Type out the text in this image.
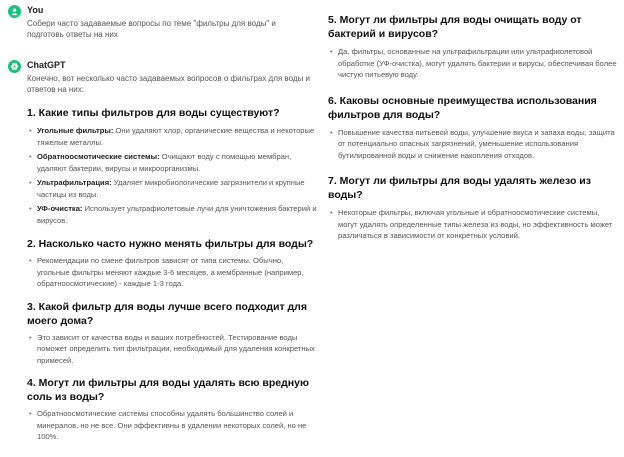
You
Собери часто задаваемые вопросы по теме "фильтры для воды" и подготовь ответы на них
ChatGPT
Конечно, вот несколько часто задаваемых вопросов о фильтрах для воды и ответов на них:
1. Какие типы фильтров для воды существуют?
• Угольные фильтры: Они удаляют хлор, органические вещества и некоторые тяжелые металлы.
• Обратноосмотические системы: Очищают воду с помощью мембран, удаляют бактерии, вирусы и микроорганизмы.
• Ультрафильтрация: Удаляет микробиологические загрязнители и крупные частицы из воды.
• УФ-очистка: Использует ультрафиолетовые лучи для уничтожения бактерий и вирусов.
2. Насколько часто нужно менять фильтры для воды?
• Рекомендации по смене фильтров зависят от типа системы. Обычно, угольные фильтры меняют каждые 3-6 месяцев, а мембранные (например, обратноосмотические) - каждые 1-3 года.
3. Какой фильтр для воды лучше всего подходит для моего дома?
• Это зависит от качества воды и ваших потребностей. Тестирование воды поможет определить тип фильтрации, необходимый для удаления конкретных примесей.
4. Могут ли фильтры для воды удалять всю вредную соль из воды?
• Обратноосмотические системы способны удалять большинство солей и минералов, но не все. Они эффективны в удалении некоторых солей, но не 100%.
5. Могут ли фильтры для воды очищать воду от бактерий и вирусов?
• Да, фильтры, основанные на ультрафильтрации или ультрафиолетовой обработке (УФ-очистка), могут удалять бактерии и вирусы, обеспечивая более чистую питьевую воду.
6. Каковы основные преимущества использования фильтров для воды?
• Повышение качества питьевой воды, улучшение вкуса и запаха воды, защита от потенциально опасных загрязнений, уменьшение использования бутилированной воды и снижение накопления отходов.
7. Могут ли фильтры для воды удалять железо из воды?
• Некоторые фильтры, включая угольные и обратноосмотические системы, могут удалять определенные типы железа из воды, но эффективность может различаться в зависимости от конкретных условий.
